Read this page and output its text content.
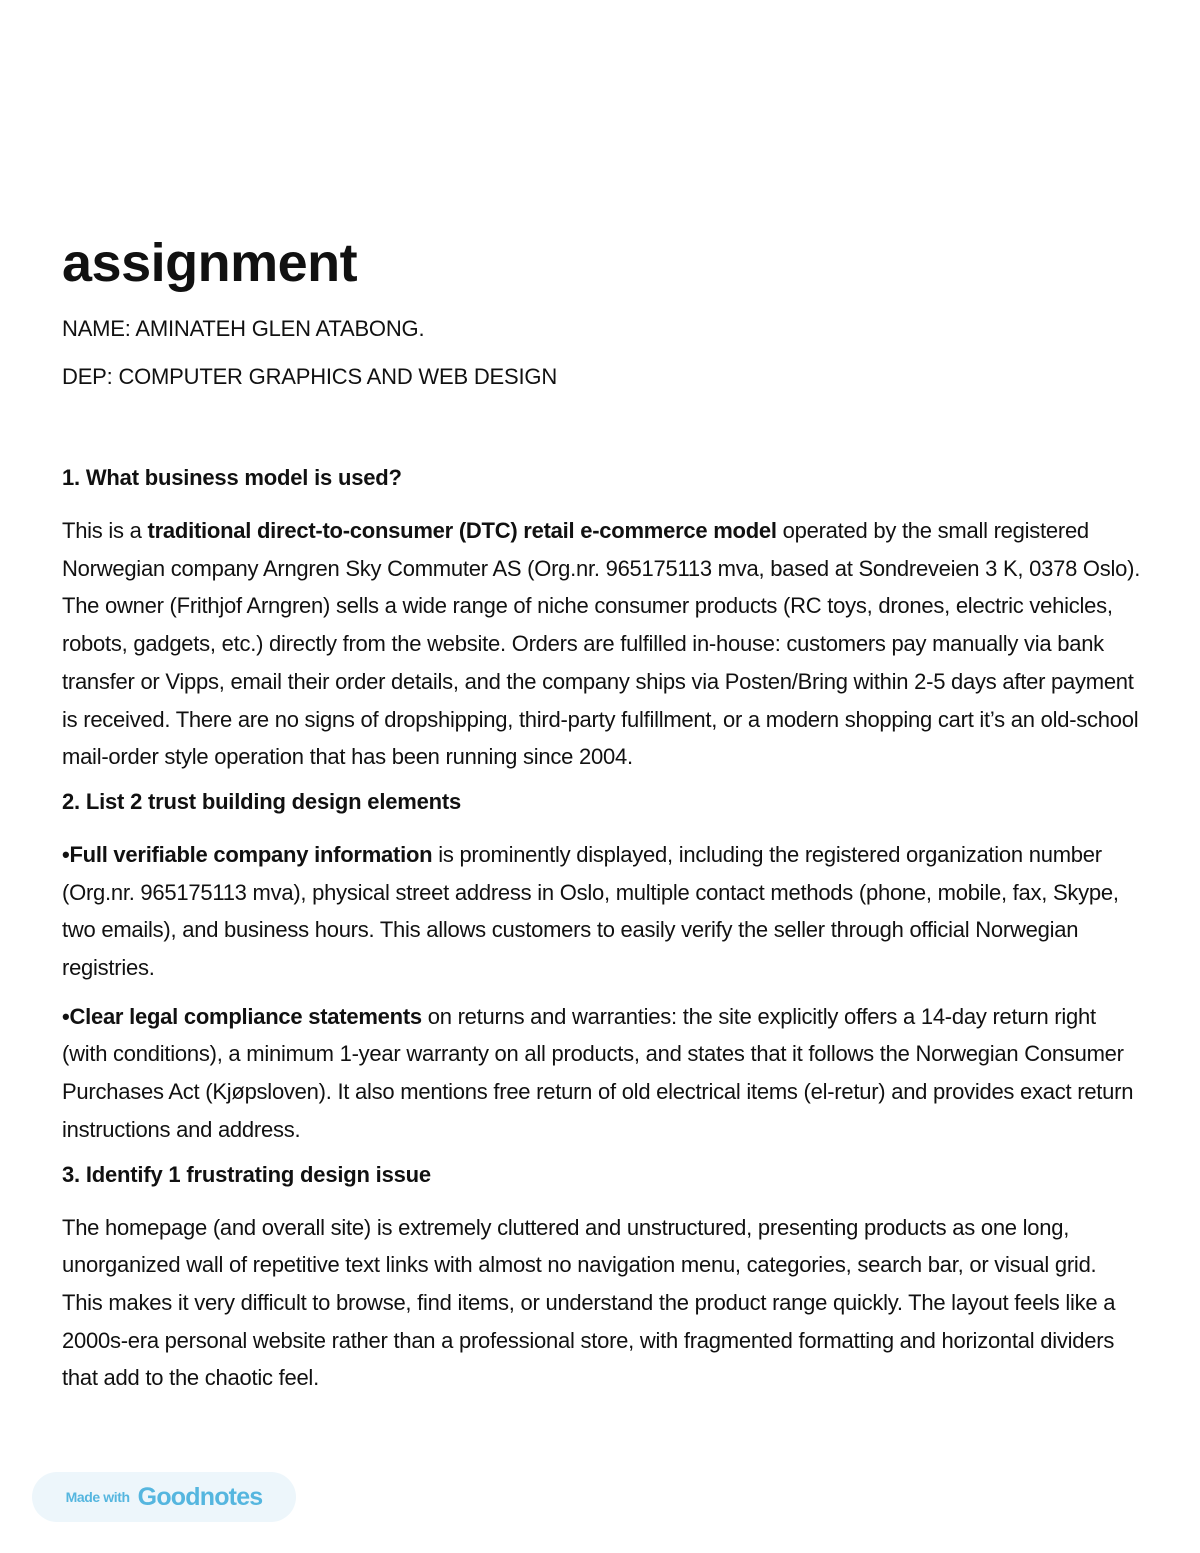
assignment

NAME: AMINATEH GLEN ATABONG.

DEP: COMPUTER GRAPHICS AND WEB DESIGN

1. What business model is used?

This is a traditional direct-to-consumer (DTC) retail e-commerce model operated by the small registered Norwegian company Arngren Sky Commuter AS (Org.nr. 965175113 mva, based at Sondreveien 3 K, 0378 Oslo). The owner (Frithjof Arngren) sells a wide range of niche consumer products (RC toys, drones, electric vehicles, robots, gadgets, etc.) directly from the website. Orders are fulfilled in-house: customers pay manually via bank transfer or Vipps, email their order details, and the company ships via Posten/Bring within 2-5 days after payment is received. There are no signs of dropshipping, third-party fulfillment, or a modern shopping cart it’s an old-school mail-order style operation that has been running since 2004.

2. List 2 trust building design elements

•Full verifiable company information is prominently displayed, including the registered organization number (Org.nr. 965175113 mva), physical street address in Oslo, multiple contact methods (phone, mobile, fax, Skype, two emails), and business hours. This allows customers to easily verify the seller through official Norwegian registries.

•Clear legal compliance statements on returns and warranties: the site explicitly offers a 14-day return right (with conditions), a minimum 1-year warranty on all products, and states that it follows the Norwegian Consumer Purchases Act (Kjøpsloven). It also mentions free return of old electrical items (el-retur) and provides exact return instructions and address.

3. Identify 1 frustrating design issue

The homepage (and overall site) is extremely cluttered and unstructured, presenting products as one long, unorganized wall of repetitive text links with almost no navigation menu, categories, search bar, or visual grid. This makes it very difficult to browse, find items, or understand the product range quickly. The layout feels like a 2000s-era personal website rather than a professional store, with fragmented formatting and horizontal dividers that add to the chaotic feel.

Made with Goodnotes
